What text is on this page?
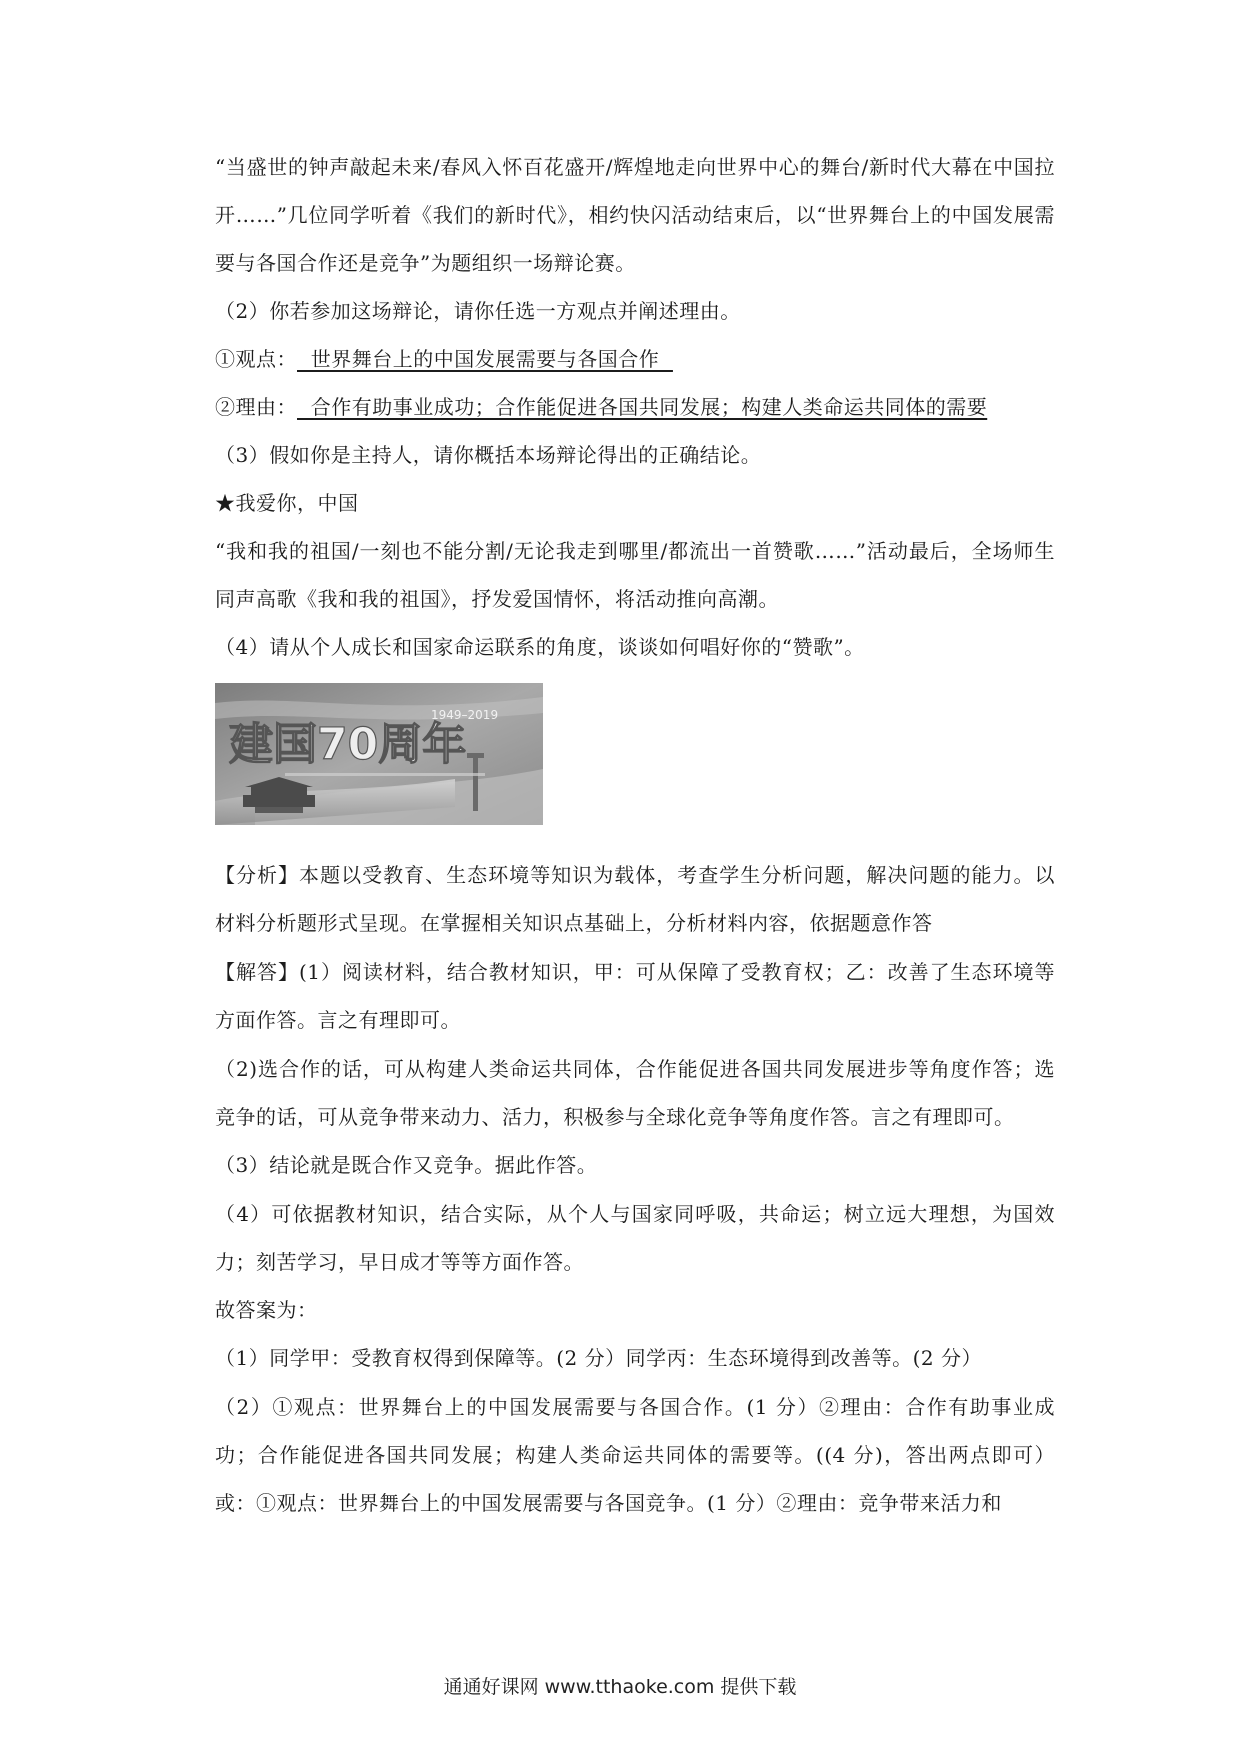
“当盛世的钟声敲起未来/春风入怀百花盛开/辉煌地走向世界中心的舞台/新时代大幕在中国拉开……”几位同学听着《我们的新时代》，相约快闪活动结束后，以“世界舞台上的中国发展需要与各国合作还是竞争”为题组织一场辩论赛。

（2）你若参加这场辩论，请你任选一方观点并阐述理由。

①观点：  世界舞台上的中国发展需要与各国合作

②理由：  合作有助事业成功；合作能促进各国共同发展；构建人类命运共同体的需要

（3）假如你是主持人，请你概括本场辩论得出的正确结论。

★我爱你，中国

“我和我的祖国/一刻也不能分割/无论我走到哪里/都流出一首赞歌……”活动最后，全场师生同声高歌《我和我的祖国》，抒发爱国情怀，将活动推向高潮。

（4）请从个人成长和国家命运联系的角度，谈谈如何唱好你的“赞歌”。

建国70周年
1949–2019

【分析】本题以受教育、生态环境等知识为载体，考查学生分析问题，解决问题的能力。以材料分析题形式呈现。在掌握相关知识点基础上，分析材料内容，依据题意作答

【解答】(1）阅读材料，结合教材知识，甲：可从保障了受教育权；乙：改善了生态环境等方面作答。言之有理即可。

（2)选合作的话，可从构建人类命运共同体，合作能促进各国共同发展进步等角度作答；选竞争的话，可从竞争带来动力、活力，积极参与全球化竞争等角度作答。言之有理即可。

（3）结论就是既合作又竞争。据此作答。

（4）可依据教材知识，结合实际，从个人与国家同呼吸，共命运；树立远大理想，为国效力；刻苦学习，早日成才等等方面作答。

故答案为：

（1）同学甲：受教育权得到保障等。(2 分）同学丙：生态环境得到改善等。(2 分）

（2）①观点：世界舞台上的中国发展需要与各国合作。(1 分）②理由：合作有助事业成功；合作能促进各国共同发展；构建人类命运共同体的需要等。((4 分)，答出两点即可）或：①观点：世界舞台上的中国发展需要与各国竞争。(1 分）②理由：竞争带来活力和

通通好课网 www.tthaoke.com 提供下载
